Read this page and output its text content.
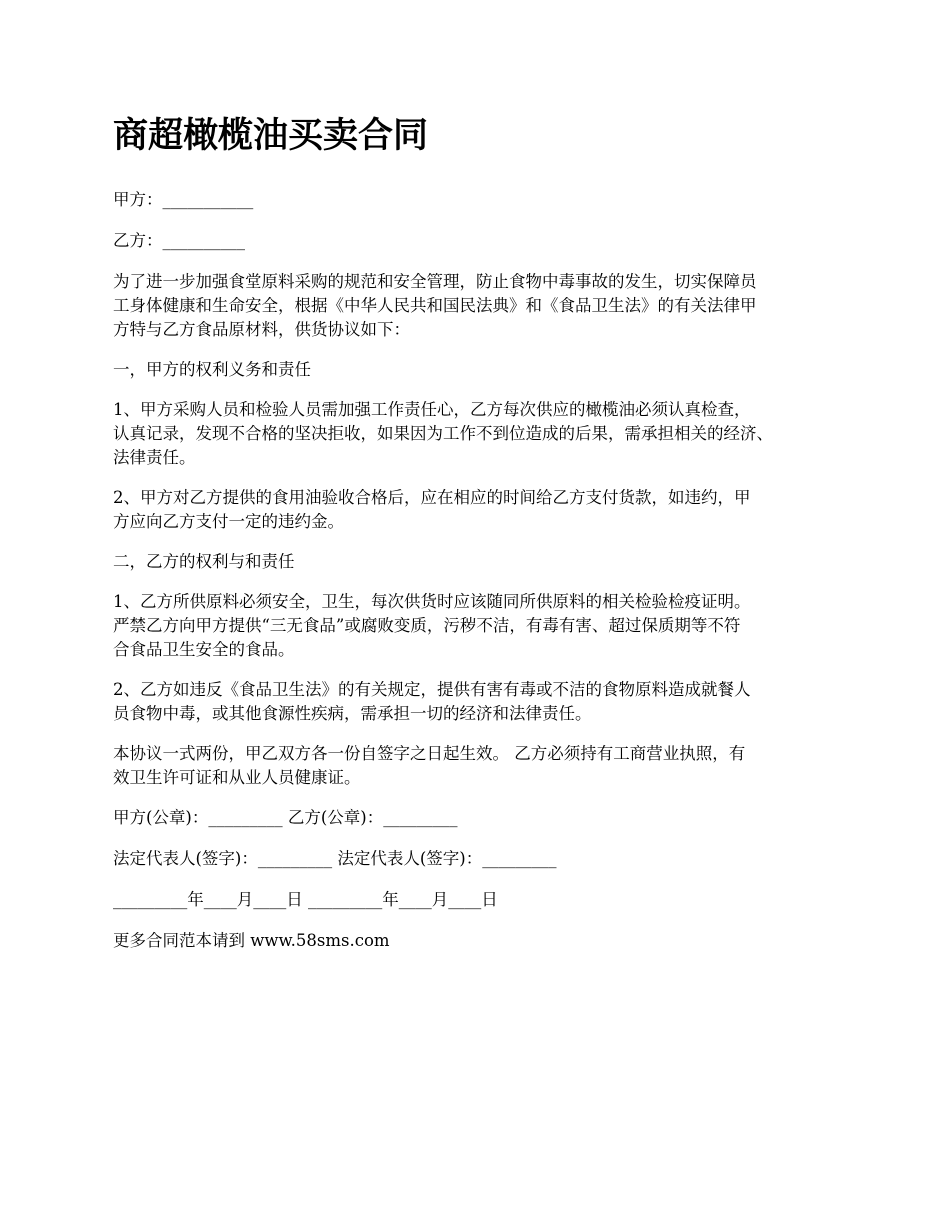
商超橄榄油买卖合同

甲方：___________

乙方：__________

为了进一步加强食堂原料采购的规范和安全管理，防止食物中毒事故的发生，切实保障员
工身体健康和生命安全，根据《中华人民共和国民法典》和《食品卫生法》的有关法律甲
方特与乙方食品原材料，供货协议如下：

一，甲方的权利义务和责任

1、甲方采购人员和检验人员需加强工作责任心，乙方每次供应的橄榄油必须认真检查，
认真记录，发现不合格的坚决拒收，如果因为工作不到位造成的后果，需承担相关的经济、
法律责任。

2、甲方对乙方提供的食用油验收合格后，应在相应的时间给乙方支付货款，如违约，甲
方应向乙方支付一定的违约金。

二，乙方的权利与和责任

1、乙方所供原料必须安全，卫生，每次供货时应该随同所供原料的相关检验检疫证明。
严禁乙方向甲方提供“三无食品”或腐败变质，污秽不洁，有毒有害、超过保质期等不符
合食品卫生安全的食品。

2、乙方如违反《食品卫生法》的有关规定，提供有害有毒或不洁的食物原料造成就餐人
员食物中毒，或其他食源性疾病，需承担一切的经济和法律责任。

本协议一式两份，甲乙双方各一份自签字之日起生效。 乙方必须持有工商营业执照，有
效卫生许可证和从业人员健康证。

甲方(公章)：_________ 乙方(公章)：_________

法定代表人(签字)：_________ 法定代表人(签字)：_________

_________年____月____日 _________年____月____日

更多合同范本请到 www.58sms.com
